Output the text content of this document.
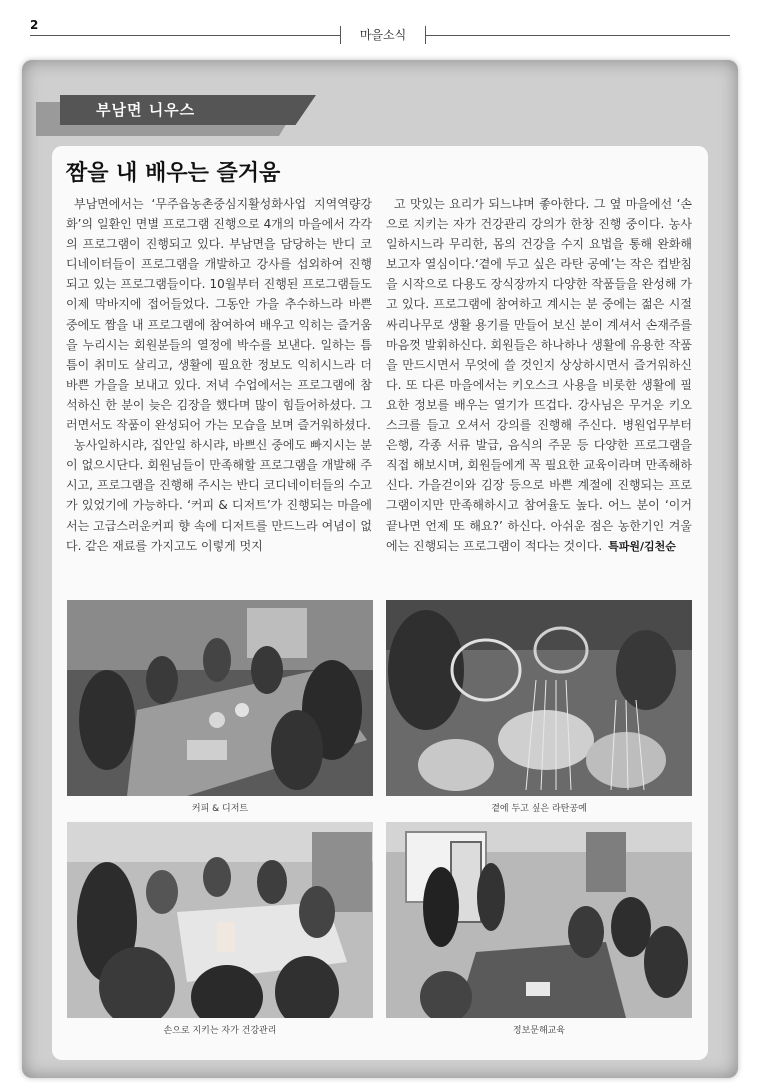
2
마을소식
부남면 니우스
짬을 내 배우는 즐거움

부남면에서는 ‘무주읍농촌중심지활성화사업 지역역량강화’의 일환인 면별 프로그램 진행으로 4개의 마을에서 각각의 프로그램이 진행되고 있다. 부남면을 담당하는 반디 코디네이터들이 프로그램을 개발하고 강사를 섭외하여 진행되고 있는 프로그램들이다. 10월부터 진행된 프로그램들도 이제 막바지에 접어들었다. 그동안 가을 추수하느라 바쁜 중에도 짬을 내 프로그램에 참여하여 배우고 익히는 즐거움을 누리시는 회원분들의 열정에 박수를 보낸다. 일하는 틈틈이 취미도 살리고, 생활에 필요한 정보도 익히시느라 더 바쁜 가을을 보내고 있다. 저녁 수업에서는 프로그램에 참석하신 한 분이 늦은 김장을 했다며 많이 힘들어하셨다. 그러면서도 작품이 완성되어 가는 모습을 보며 즐거워하셨다.

농사일하시랴, 집안일 하시랴, 바쁘신 중에도 빠지시는 분이 없으시단다. 회원님들이 만족해할 프로그램을 개발해 주시고, 프로그램을 진행해 주시는 반디 코디네이터들의 수고가 있었기에 가능하다. ‘커피 & 디저트’가 진행되는 마을에서는 고급스러운커피 향 속에 디저트를 만드느라 여념이 없다. 같은 재료를 가지고도 이렇게 멋지

고 맛있는 요리가 되느냐며 좋아한다. 그 옆 마을에선 ‘손으로 지키는 자가 건강관리 강의가 한창 진행 중이다. 농사일하시느라 무리한, 몸의 건강을 수지 요법을 통해 완화해 보고자 열심이다.‘곁에 두고 싶은 라탄 공예’는 작은 컵받침을 시작으로 다용도 장식장까지 다양한 작품들을 완성해 가고 있다. 프로그램에 참여하고 계시는 분 중에는 젊은 시절 싸리나무로 생활 용기를 만들어 보신 분이 계셔서 손재주를 마음껏 발휘하신다. 회원들은 하나하나 생활에 유용한 작품을 만드시면서 무엇에 쓸 것인지 상상하시면서 즐거워하신다. 또 다른 마을에서는 키오스크 사용을 비롯한 생활에 필요한 정보를 배우는 열기가 뜨겁다. 강사님은 무거운 키오스크를 들고 오셔서 강의를 진행해 주신다. 병원업무부터 은행, 각종 서류 발급, 음식의 주문 등 다양한 프로그램을 직접 해보시며, 회원들에게 꼭 필요한 교육이라며 만족해하신다. 가을걷이와 김장 등으로 바쁜 계절에 진행되는 프로그램이지만 만족해하시고 참여율도 높다. 어느 분이 ‘이거 끝나면 언제 또 해요?’ 하신다. 아쉬운 점은 농한기인 겨울에는 진행되는 프로그램이 적다는 것이다. 특파원/김천순

커피 & 디저트	곁에 두고 싶은 라탄공예
손으로 지키는 자가 건강관리	정보문해교육
